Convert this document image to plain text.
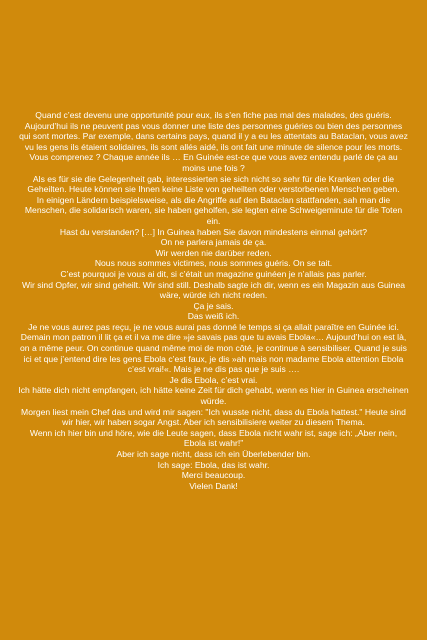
Quand c’est devenu une opportunité pour eux, ils s’en fiche pas mal des malades, des guéris. Aujourd’hui ils ne peuvent pas vous donner une liste des personnes guéries ou bien des personnes qui sont mortes. Par exemple, dans certains pays, quand il y a eu les attentats au Bataclan, vous avez vu les gens ils étaient solidaires, ils sont allés aidé, ils ont fait une minute de silence pour les morts. Vous comprenez ? Chaque année ils … En Guinée est-ce que vous avez entendu parlé de ça au moins une fois ?

Als es für sie die Gelegenheit gab, interessierten sie sich nicht so sehr für die Kranken oder die Geheilten. Heute können sie Ihnen keine Liste von geheilten oder verstorbenen Menschen geben.

In einigen Ländern beispielsweise, als die Angriffe auf den Bataclan stattfanden, sah man die Menschen, die solidarisch waren, sie haben geholfen, sie legten eine Schweigeminute für die Toten ein.

Hast du verstanden? […] In Guinea haben Sie davon mindestens einmal gehört?

On ne parlera jamais de ça.

Wir werden nie darüber reden.

Nous nous sommes victimes, nous sommes guéris. On se tait.

C’est pourquoi je vous ai dit, si c’était un magazine guinéen je n’allais pas parler.

Wir sind Opfer, wir sind geheilt. Wir sind still. Deshalb sagte ich dir, wenn es ein Magazin aus Guinea wäre, würde ich nicht reden.

Ça je sais.

Das weiß ich.

Je ne vous aurez pas reçu, je ne vous aurai pas donné le temps si ça allait paraître en Guinée ici. Demain mon patron il lit ça et il va me dire »je savais pas que tu avais Ebola«… Aujourd’hui on est là, on a même peur. On continue quand même moi de mon côté, je continue à sensibiliser. Quand je suis ici et que j’entend dire les gens Ebola c’est faux, je dis »ah mais non madame Ebola attention Ebola c’est vrai!«. Mais je ne dis pas que je suis ….

Je dis Ebola, c’est vrai.

Ich hätte dich nicht empfangen, ich hätte keine Zeit für dich gehabt, wenn es hier in Guinea erscheinen würde.

Morgen liest mein Chef das und wird mir sagen: "Ich wusste nicht, dass du Ebola hattest." Heute sind wir hier, wir haben sogar Angst. Aber ich sensibilisiere weiter zu diesem Thema.

Wenn ich hier bin und höre, wie die Leute sagen, dass Ebola nicht wahr ist, sage ich: „Aber nein, Ebola ist wahr!”

Aber ich sage nicht, dass ich ein Überlebender bin.

Ich sage: Ebola, das ist wahr.

Merci beaucoup.

Vielen Dank!
